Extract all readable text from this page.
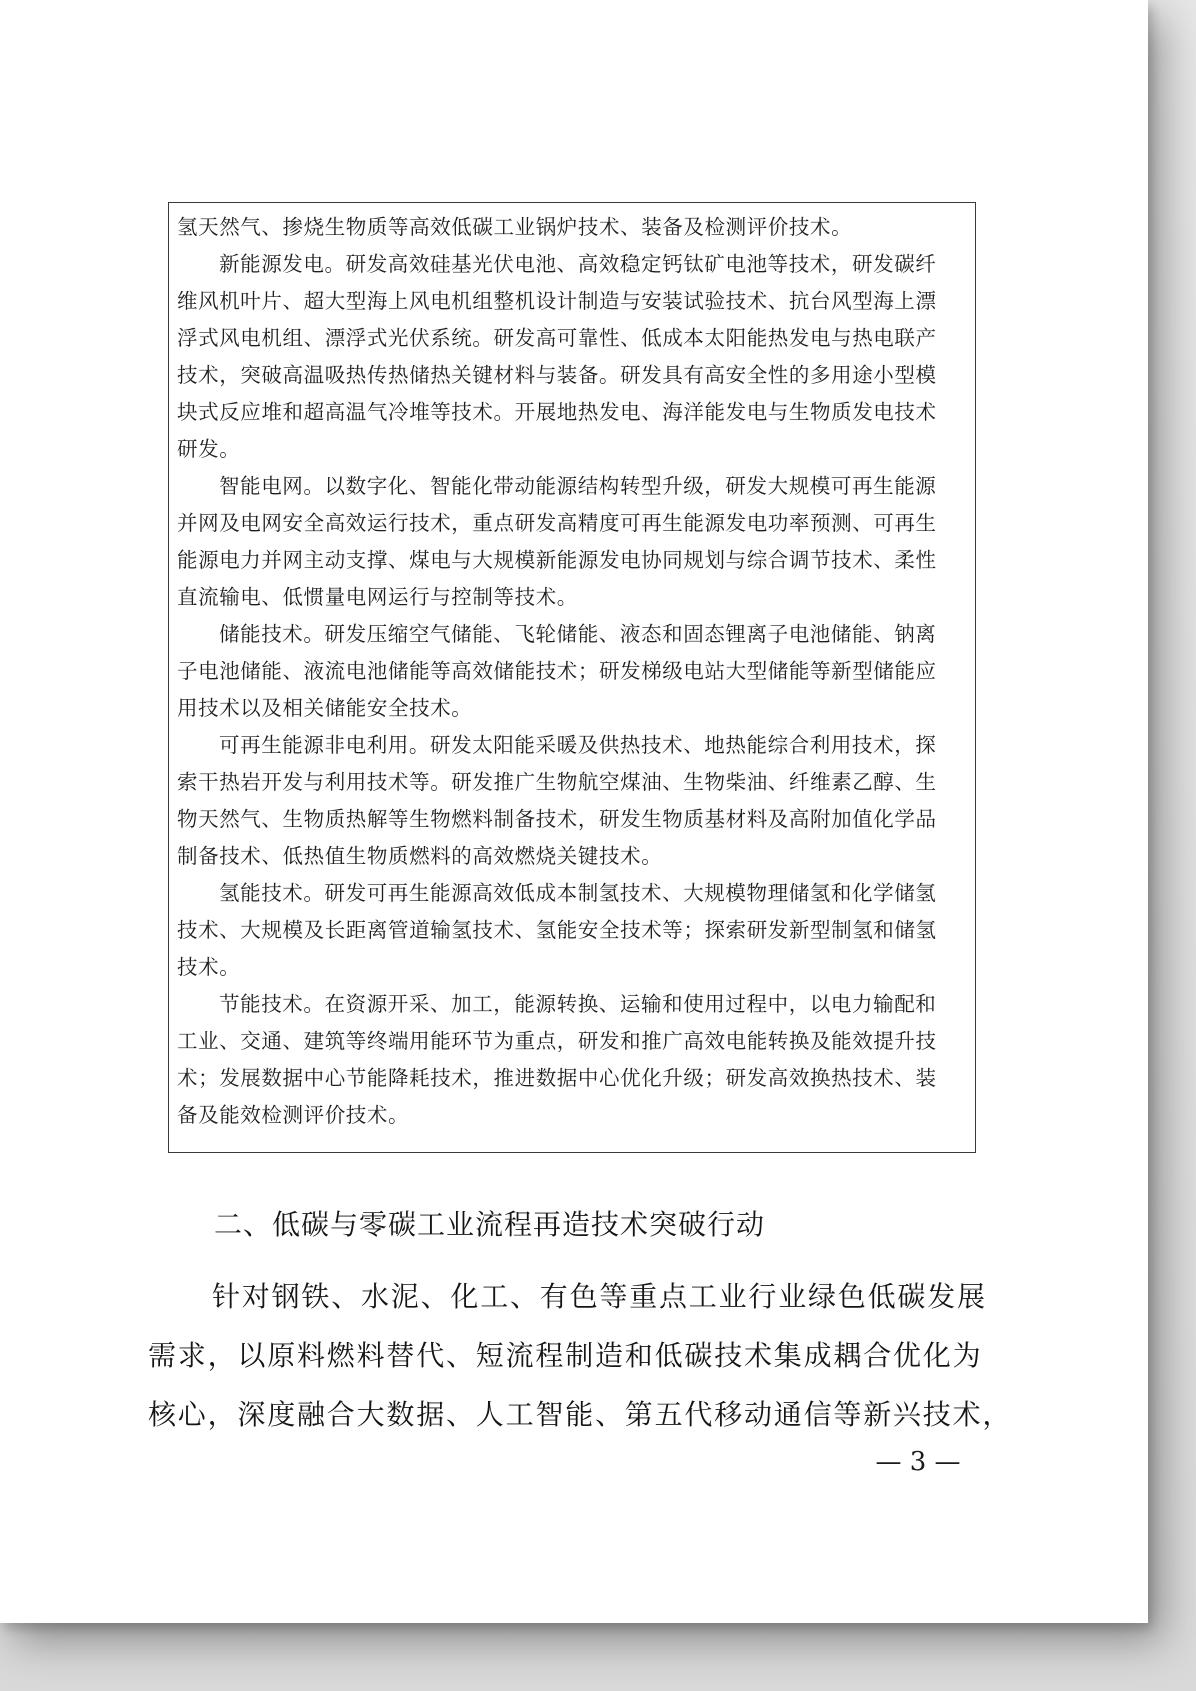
氢天然气、掺烧生物质等高效低碳工业锅炉技术、装备及检测评价技术。
新能源发电。研发高效硅基光伏电池、高效稳定钙钛矿电池等技术，研发碳纤
维风机叶片、超大型海上风电机组整机设计制造与安装试验技术、抗台风型海上漂
浮式风电机组、漂浮式光伏系统。研发高可靠性、低成本太阳能热发电与热电联产
技术，突破高温吸热传热储热关键材料与装备。研发具有高安全性的多用途小型模
块式反应堆和超高温气冷堆等技术。开展地热发电、海洋能发电与生物质发电技术
研发。
智能电网。以数字化、智能化带动能源结构转型升级，研发大规模可再生能源
并网及电网安全高效运行技术，重点研发高精度可再生能源发电功率预测、可再生
能源电力并网主动支撑、煤电与大规模新能源发电协同规划与综合调节技术、柔性
直流输电、低惯量电网运行与控制等技术。
储能技术。研发压缩空气储能、飞轮储能、液态和固态锂离子电池储能、钠离
子电池储能、液流电池储能等高效储能技术；研发梯级电站大型储能等新型储能应
用技术以及相关储能安全技术。
可再生能源非电利用。研发太阳能采暖及供热技术、地热能综合利用技术，探
索干热岩开发与利用技术等。研发推广生物航空煤油、生物柴油、纤维素乙醇、生
物天然气、生物质热解等生物燃料制备技术，研发生物质基材料及高附加值化学品
制备技术、低热值生物质燃料的高效燃烧关键技术。
氢能技术。研发可再生能源高效低成本制氢技术、大规模物理储氢和化学储氢
技术、大规模及长距离管道输氢技术、氢能安全技术等；探索研发新型制氢和储氢
技术。
节能技术。在资源开采、加工，能源转换、运输和使用过程中，以电力输配和
工业、交通、建筑等终端用能环节为重点，研发和推广高效电能转换及能效提升技
术；发展数据中心节能降耗技术，推进数据中心优化升级；研发高效换热技术、装
备及能效检测评价技术。
二、低碳与零碳工业流程再造技术突破行动
针对钢铁、水泥、化工、有色等重点工业行业绿色低碳发展
需求，以原料燃料替代、短流程制造和低碳技术集成耦合优化为
核心，深度融合大数据、人工智能、第五代移动通信等新兴技术，
— 3 —
